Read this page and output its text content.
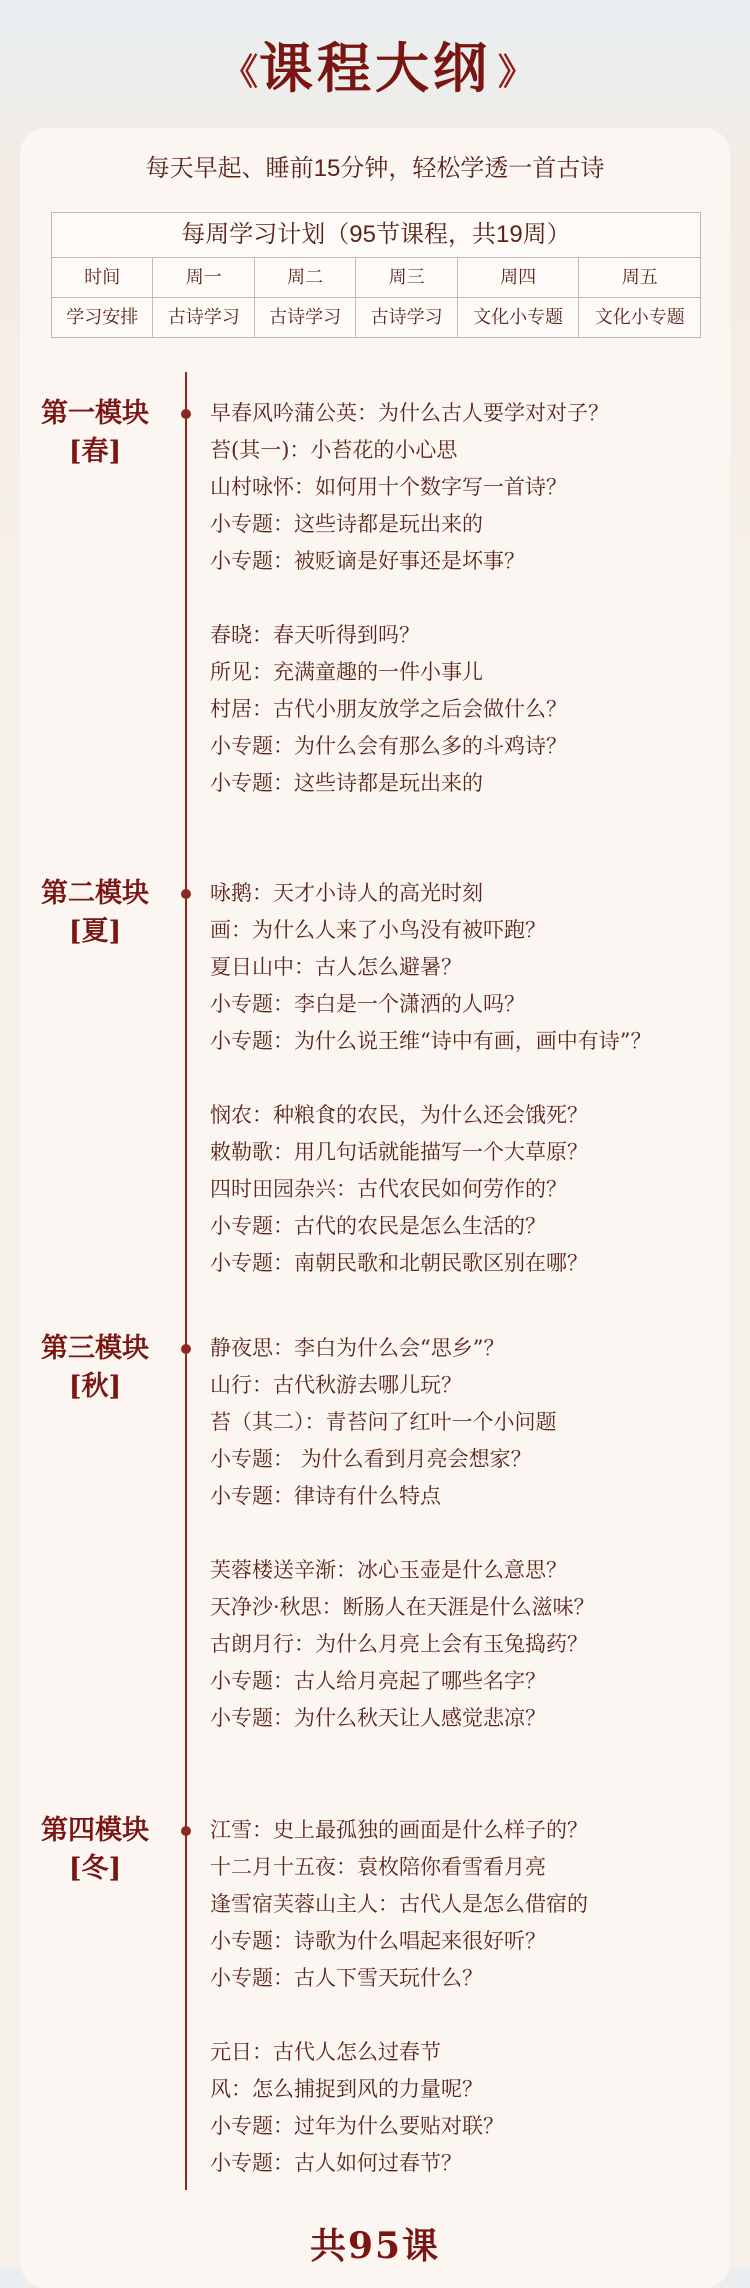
《 课程大纲 》
每天早起、睡前15分钟，轻松学透一首古诗
每周学习计划（95节课程，共19周）
时间	周一	周二	周三	周四	周五
学习安排	古诗学习	古诗学习	古诗学习	文化小专题	文化小专题
第一模块
[春]
早春风吟蒲公英：为什么古人要学对对子？
苔(其一)：小苔花的小心思
山村咏怀：如何用十个数字写一首诗？
小专题：这些诗都是玩出来的
小专题：被贬谪是好事还是坏事？
春晓：春天听得到吗？
所见：充满童趣的一件小事儿
村居：古代小朋友放学之后会做什么？
小专题：为什么会有那么多的斗鸡诗？
小专题：这些诗都是玩出来的
第二模块
[夏]
咏鹅：天才小诗人的高光时刻
画：为什么人来了小鸟没有被吓跑？
夏日山中：古人怎么避暑？
小专题：李白是一个潇洒的人吗？
小专题：为什么说王维“诗中有画，画中有诗”？
悯农：种粮食的农民，为什么还会饿死？
敕勒歌：用几句话就能描写一个大草原？
四时田园杂兴：古代农民如何劳作的？
小专题：古代的农民是怎么生活的？
小专题：南朝民歌和北朝民歌区别在哪？
第三模块
[秋]
静夜思：李白为什么会“思乡”？
山行：古代秋游去哪儿玩？
苔（其二）：青苔问了红叶一个小问题
小专题： 为什么看到月亮会想家？
小专题：律诗有什么特点
芙蓉楼送辛渐：冰心玉壶是什么意思？
天净沙·秋思：断肠人在天涯是什么滋味？
古朗月行：为什么月亮上会有玉兔捣药？
小专题：古人给月亮起了哪些名字？
小专题：为什么秋天让人感觉悲凉？
第四模块
[冬]
江雪：史上最孤独的画面是什么样子的？
十二月十五夜：袁枚陪你看雪看月亮
逢雪宿芙蓉山主人：古代人是怎么借宿的
小专题：诗歌为什么唱起来很好听？
小专题：古人下雪天玩什么？
元日：古代人怎么过春节
风：怎么捕捉到风的力量呢？
小专题：过年为什么要贴对联？
小专题：古人如何过春节？
共95课
